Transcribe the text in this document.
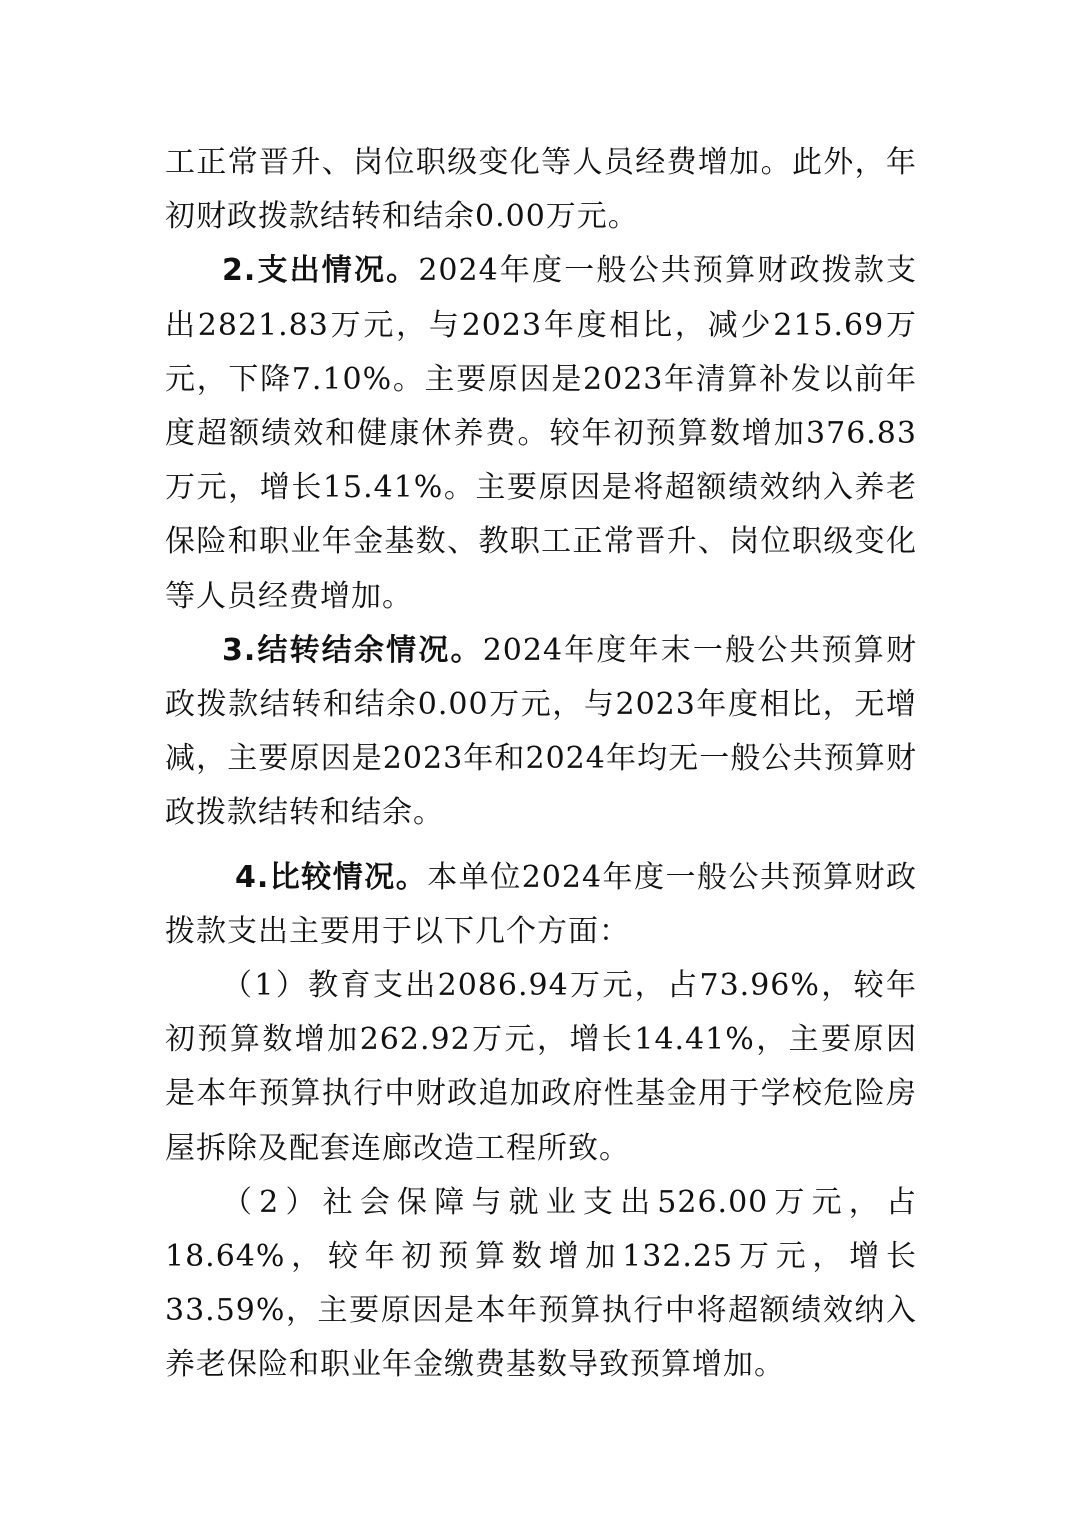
工正常晋升、岗位职级变化等人员经费增加。此外，年初财政拨款结转和结余0.00万元。

2.支出情况。2024年度一般公共预算财政拨款支出2821.83万元，与2023年度相比，减少215.69万元，下降7.10%。主要原因是2023年清算补发以前年度超额绩效和健康休养费。较年初预算数增加376.83万元，增长15.41%。主要原因是将超额绩效纳入养老保险和职业年金基数、教职工正常晋升、岗位职级变化等人员经费增加。

3.结转结余情况。2024年度年末一般公共预算财政拨款结转和结余0.00万元，与2023年度相比，无增减，主要原因是2023年和2024年均无一般公共预算财政拨款结转和结余。

4.比较情况。本单位2024年度一般公共预算财政拨款支出主要用于以下几个方面：

（1）教育支出2086.94万元，占73.96%，较年初预算数增加262.92万元，增长14.41%，主要原因是本年预算执行中财政追加政府性基金用于学校危险房屋拆除及配套连廊改造工程所致。

（2）社会保障与就业支出526.00万元，占18.64%，较年初预算数增加132.25万元，增长33.59%，主要原因是本年预算执行中将超额绩效纳入养老保险和职业年金缴费基数导致预算增加。
